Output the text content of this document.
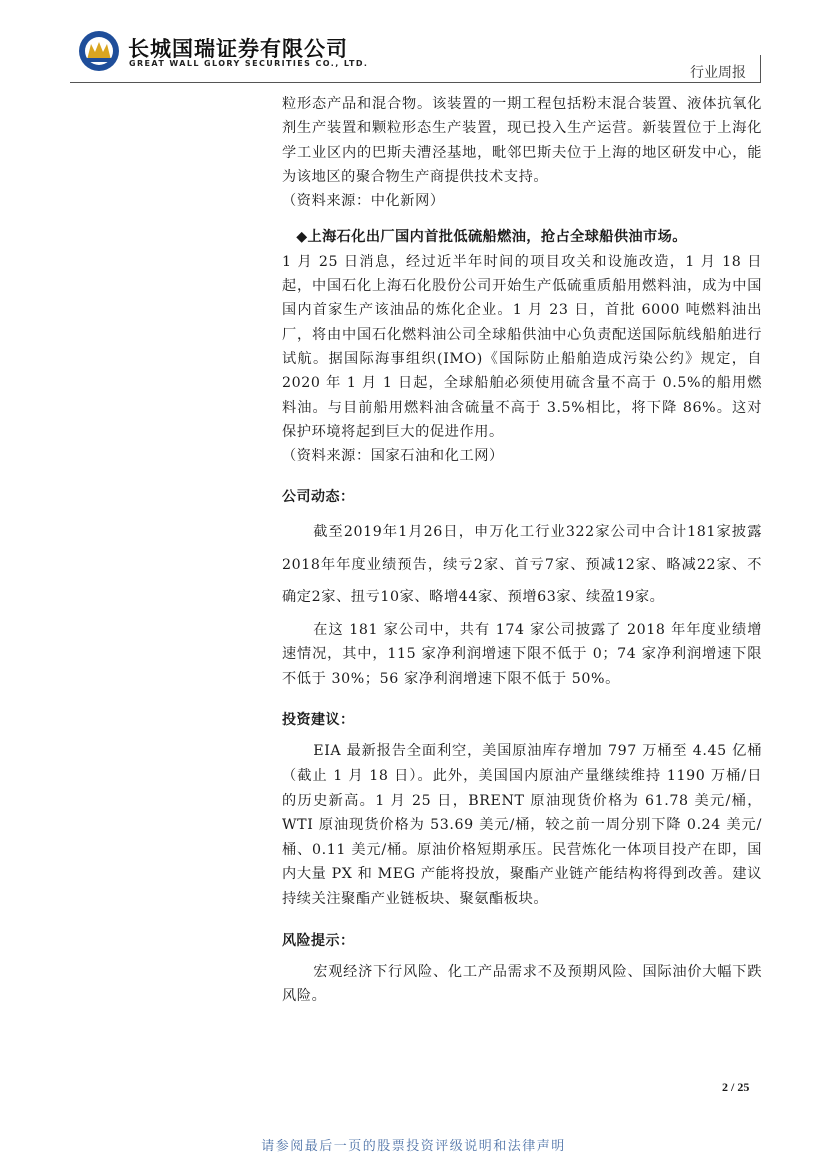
长城国瑞证券有限公司
GREAT WALL GLORY SECURITIES CO., LTD.
行业周报

粒形态产品和混合物。该装置的一期工程包括粉末混合装置、液体抗氧化剂生产装置和颗粒形态生产装置，现已投入生产运营。新装置位于上海化学工业区内的巴斯夫漕泾基地，毗邻巴斯夫位于上海的地区研发中心，能为该地区的聚合物生产商提供技术支持。

（资料来源：中化新网）

◆上海石化出厂国内首批低硫船燃油，抢占全球船供油市场。

1 月 25 日消息，经过近半年时间的项目攻关和设施改造，1 月 18 日起，中国石化上海石化股份公司开始生产低硫重质船用燃料油，成为中国国内首家生产该油品的炼化企业。1 月 23 日，首批 6000 吨燃料油出厂，将由中国石化燃料油公司全球船供油中心负责配送国际航线船舶进行试航。据国际海事组织(IMO)《国际防止船舶造成污染公约》规定，自 2020 年 1 月 1 日起，全球船舶必须使用硫含量不高于 0.5%的船用燃料油。与目前船用燃料油含硫量不高于 3.5%相比，将下降 86%。这对保护环境将起到巨大的促进作用。

（资料来源：国家石油和化工网）

公司动态：

截至2019年1月26日，申万化工行业322家公司中合计181家披露2018年年度业绩预告，续亏2家、首亏7家、预减12家、略减22家、不确定2家、扭亏10家、略增44家、预增63家、续盈19家。

在这 181 家公司中，共有 174 家公司披露了 2018 年年度业绩增速情况，其中，115 家净利润增速下限不低于 0；74 家净利润增速下限不低于 30%；56 家净利润增速下限不低于 50%。

投资建议：

EIA 最新报告全面利空，美国原油库存增加 797 万桶至 4.45 亿桶（截止 1 月 18 日）。此外，美国国内原油产量继续维持 1190 万桶/日的历史新高。1 月 25 日，BRENT 原油现货价格为 61.78 美元/桶，WTI 原油现货价格为 53.69 美元/桶，较之前一周分别下降 0.24 美元/桶、0.11 美元/桶。原油价格短期承压。民营炼化一体项目投产在即，国内大量 PX 和 MEG 产能将投放，聚酯产业链产能结构将得到改善。建议持续关注聚酯产业链板块、聚氨酯板块。

风险提示：

宏观经济下行风险、化工产品需求不及预期风险、国际油价大幅下跌风险。

2 / 25
请参阅最后一页的股票投资评级说明和法律声明
